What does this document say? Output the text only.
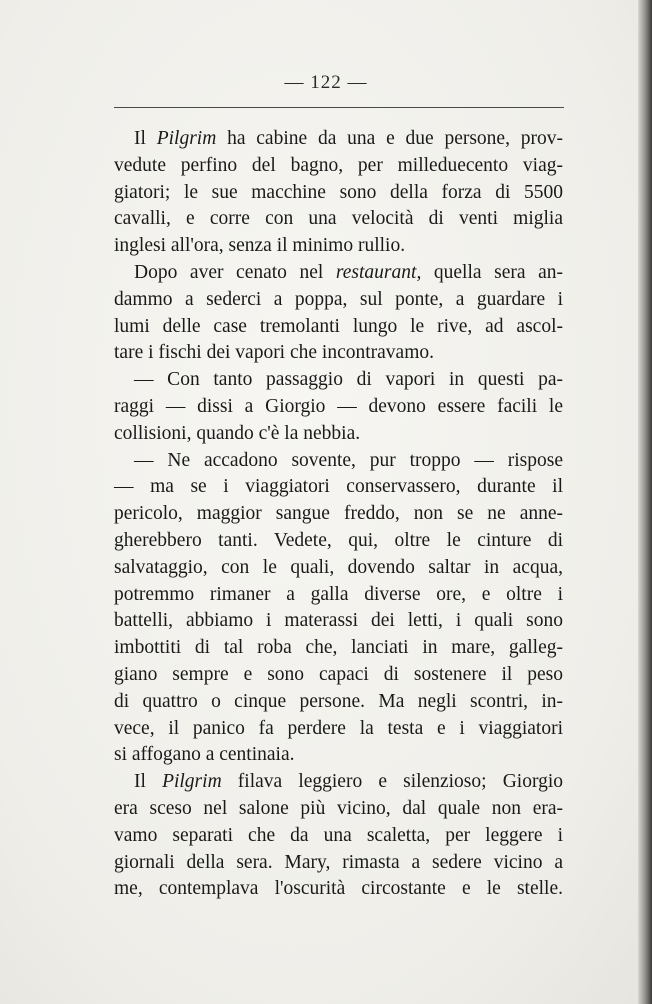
— 122 —
Il Pilgrim ha cabine da una e due persone, prov-
vedute perfino del bagno, per milleduecento viag-
giatori; le sue macchine sono della forza di 5500
cavalli, e corre con una velocità di venti miglia
inglesi all'ora, senza il minimo rullio.
Dopo aver cenato nel restaurant, quella sera an-
dammo a sederci a poppa, sul ponte, a guardare i
lumi delle case tremolanti lungo le rive, ad ascol-
tare i fischi dei vapori che incontravamo.
— Con tanto passaggio di vapori in questi pa-
raggi — dissi a Giorgio — devono essere facili le
collisioni, quando c'è la nebbia.
— Ne accadono sovente, pur troppo — rispose
— ma se i viaggiatori conservassero, durante il
pericolo, maggior sangue freddo, non se ne anne-
gherebbero tanti. Vedete, qui, oltre le cinture di
salvataggio, con le quali, dovendo saltar in acqua,
potremmo rimaner a galla diverse ore, e oltre i
battelli, abbiamo i materassi dei letti, i quali sono
imbottiti di tal roba che, lanciati in mare, galleg-
giano sempre e sono capaci di sostenere il peso
di quattro o cinque persone. Ma negli scontri, in-
vece, il panico fa perdere la testa e i viaggiatori
si affogano a centinaia.
Il Pilgrim filava leggiero e silenzioso; Giorgio
era sceso nel salone più vicino, dal quale non era-
vamo separati che da una scaletta, per leggere i
giornali della sera. Mary, rimasta a sedere vicino a
me, contemplava l'oscurità circostante e le stelle.
